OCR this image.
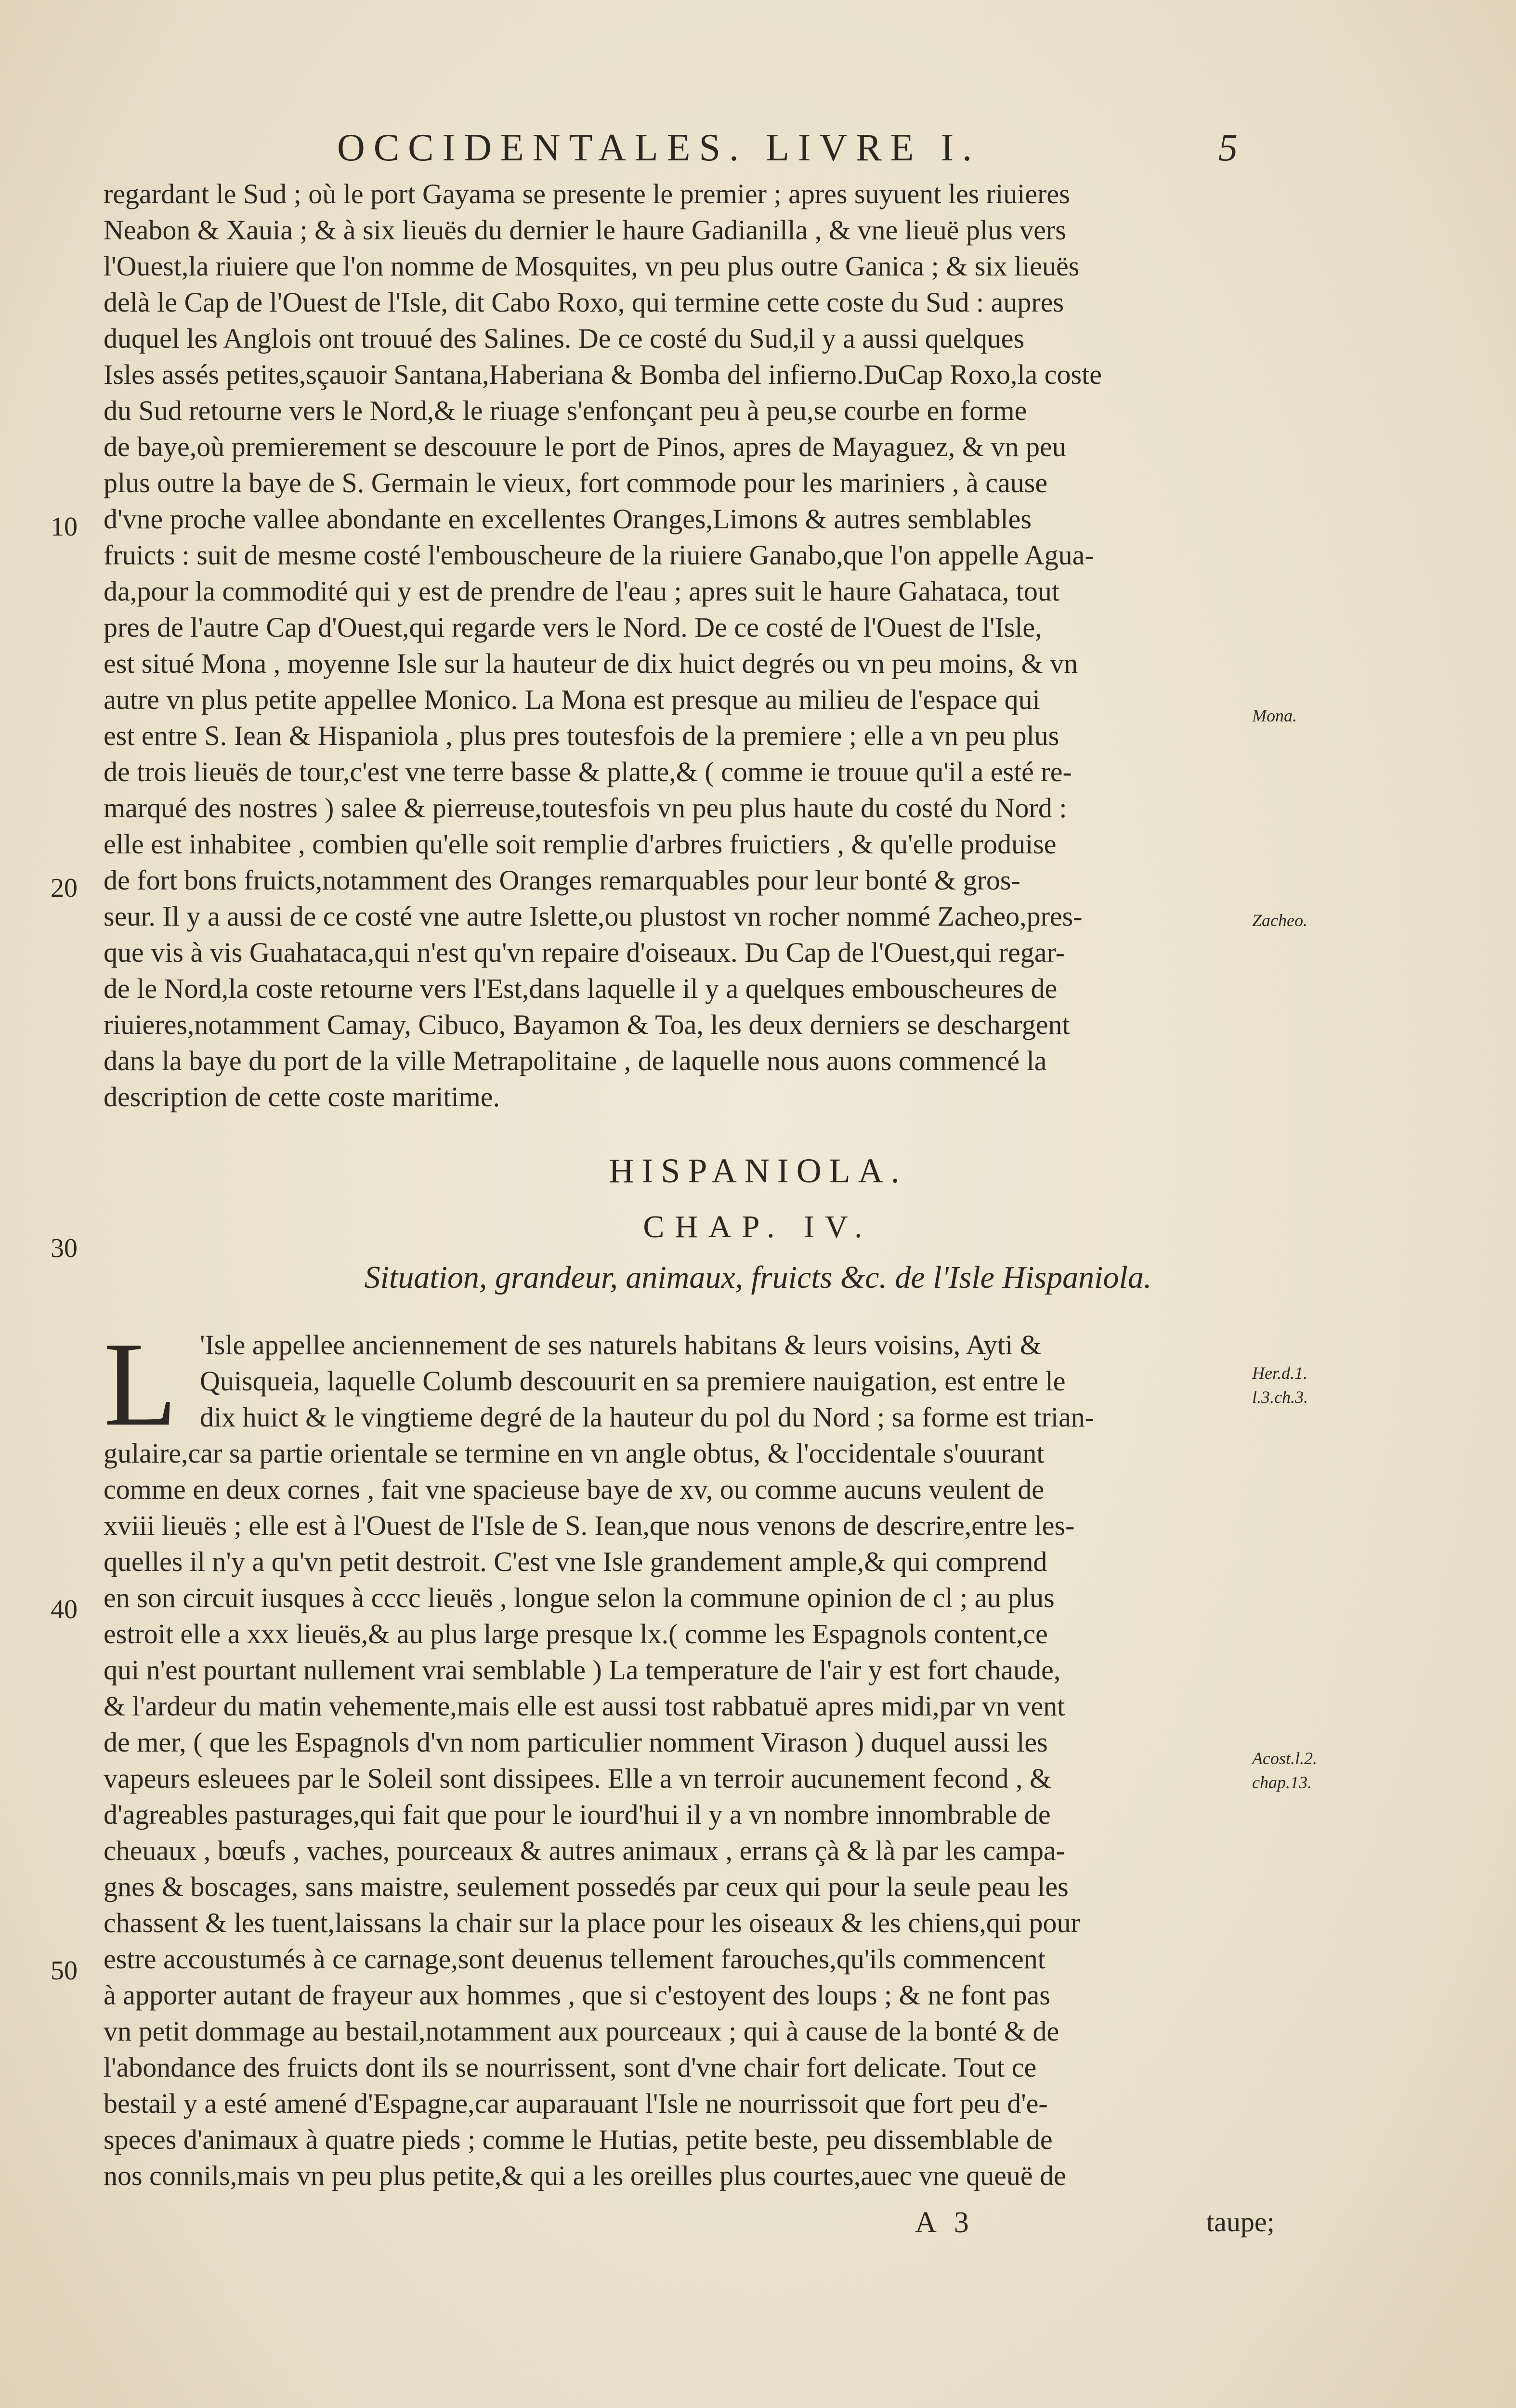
OCCIDENTALES. LIVRE I.	5
regardant le Sud ; où le port Gayama se presente le premier ; apres suyuent les riuieres
Neabon & Xauia ; & à six lieuës du dernier le haure Gadianilla , & vne lieuë plus vers
l'Ouest,la riuiere que l'on nomme de Mosquites, vn peu plus outre Ganica ; & six lieuës
delà le Cap de l'Ouest de l'Isle, dit Cabo Roxo, qui termine cette coste du Sud : aupres
duquel les Anglois ont trouué des Salines. De ce costé du Sud,il y a aussi quelques
Isles assés petites,sçauoir Santana,Haberiana & Bomba del infierno.DuCap Roxo,la coste
du Sud retourne vers le Nord,& le riuage s'enfonçant peu à peu,se courbe en forme
de baye,où premierement se descouure le port de Pinos, apres de Mayaguez, & vn peu
plus outre la baye de S. Germain le vieux, fort commode pour les mariniers , à cause
d'vne proche vallee abondante en excellentes Oranges,Limons & autres semblables
fruicts : suit de mesme costé l'embouscheure de la riuiere Ganabo,que l'on appelle Agua-
da,pour la commodité qui y est de prendre de l'eau ; apres suit le haure Gahataca, tout
pres de l'autre Cap d'Ouest,qui regarde vers le Nord. De ce costé de l'Ouest de l'Isle,
est situé Mona , moyenne Isle sur la hauteur de dix huict degrés ou vn peu moins, & vn
autre vn plus petite appellee Monico. La Mona est presque au milieu de l'espace qui
est entre S. Iean & Hispaniola , plus pres toutesfois de la premiere ; elle a vn peu plus
de trois lieuës de tour,c'est vne terre basse & platte,& ( comme ie trouue qu'il a esté re-
marqué des nostres ) salee & pierreuse,toutesfois vn peu plus haute du costé du Nord :
elle est inhabitee , combien qu'elle soit remplie d'arbres fruictiers , & qu'elle produise
de fort bons fruicts,notamment des Oranges remarquables pour leur bonté & gros-
seur. Il y a aussi de ce costé vne autre Islette,ou plustost vn rocher nommé Zacheo,pres-
que vis à vis Guahataca,qui n'est qu'vn repaire d'oiseaux. Du Cap de l'Ouest,qui regar-
de le Nord,la coste retourne vers l'Est,dans laquelle il y a quelques embouscheures de
riuieres,notamment Camay, Cibuco, Bayamon & Toa, les deux derniers se deschargent
dans la baye du port de la ville Metrapolitaine , de laquelle nous auons commencé la
description de cette coste maritime.
10
20
30
40
50
Mona.
Zacheo.
HISPANIOLA.
CHAP. IV.
Situation, grandeur, animaux, fruicts &c. de l'Isle Hispaniola.
L 'Isle appellee anciennement de ses naturels habitans & leurs voisins, Ayti &
Quisqueia, laquelle Columb descouurit en sa premiere nauigation, est entre le
dix huict & le vingtieme degré de la hauteur du pol du Nord ; sa forme est trian-
gulaire,car sa partie orientale se termine en vn angle obtus, & l'occidentale s'ouurant
comme en deux cornes , fait vne spacieuse baye de xv, ou comme aucuns veulent de
xviii lieuës ; elle est à l'Ouest de l'Isle de S. Iean,que nous venons de descrire,entre les-
quelles il n'y a qu'vn petit destroit. C'est vne Isle grandement ample,& qui comprend
en son circuit iusques à cccc lieuës , longue selon la commune opinion de cl ; au plus
estroit elle a xxx lieuës,& au plus large presque lx.( comme les Espagnols content,ce
qui n'est pourtant nullement vrai semblable ) La temperature de l'air y est fort chaude,
& l'ardeur du matin vehemente,mais elle est aussi tost rabbatuë apres midi,par vn vent
de mer, ( que les Espagnols d'vn nom particulier nomment Virason ) duquel aussi les
vapeurs esleuees par le Soleil sont dissipees. Elle a vn terroir aucunement fecond , &
d'agreables pasturages,qui fait que pour le iourd'hui il y a vn nombre innombrable de
cheuaux , bœufs , vaches, pourceaux & autres animaux , errans çà & là par les campa-
gnes & boscages, sans maistre, seulement possedés par ceux qui pour la seule peau les
chassent & les tuent,laissans la chair sur la place pour les oiseaux & les chiens,qui pour
estre accoustumés à ce carnage,sont deuenus tellement farouches,qu'ils commencent
à apporter autant de frayeur aux hommes , que si c'estoyent des loups ; & ne font pas
vn petit dommage au bestail,notamment aux pourceaux ; qui à cause de la bonté & de
l'abondance des fruicts dont ils se nourrissent, sont d'vne chair fort delicate. Tout ce
bestail y a esté amené d'Espagne,car auparauant l'Isle ne nourrissoit que fort peu d'e-
speces d'animaux à quatre pieds ; comme le Hutias, petite beste, peu dissemblable de
nos connils,mais vn peu plus petite,& qui a les oreilles plus courtes,auec vne queuë de
Her.d.1.
l.3.ch.3.
Acost.l.2.
chap.13.
A 3	taupe;
